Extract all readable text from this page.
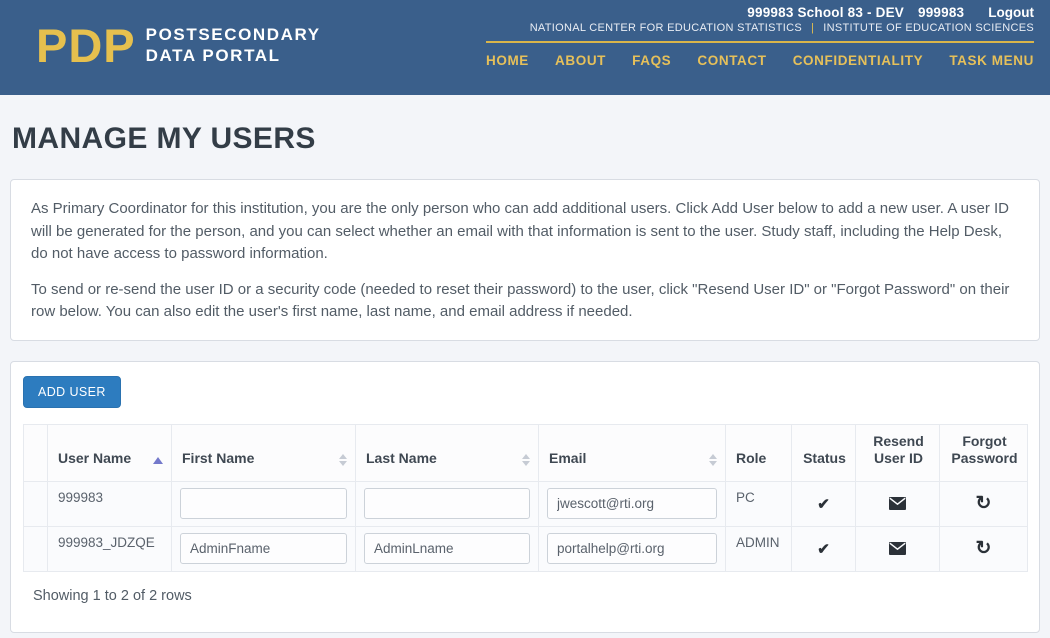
999983 School 83 - DEV 999983 Logout
PDP POSTSECONDARY
DATA PORTAL
NATIONAL CENTER FOR EDUCATION STATISTICS | INSTITUTE OF EDUCATION SCIENCES
HOME ABOUT FAQS CONTACT CONFIDENTIALITY TASK MENU
MANAGE MY USERS

As Primary Coordinator for this institution, you are the only person who can add additional users. Click Add User below to add a new user. A user ID will be generated for the person, and you can select whether an email with that information is sent to the user. Study staff, including the Help Desk, do not have access to password information.

To send or re-send the user ID or a security code (needed to reset their password) to the user, click "Resend User ID" or "Forgot Password" on their row below. You can also edit the user's first name, last name, and email address if needed.

ADD USER

	User Name	First Name	Last Name	Email	Role	Status	Resend User ID	Forgot Password
	999983			jwescott@rti.org	PC	✔		↻
	999983_JDZQE	AdminFname	AdminLname	portalhelp@rti.org	ADMIN	✔		↻
Showing 1 to 2 of 2 rows
